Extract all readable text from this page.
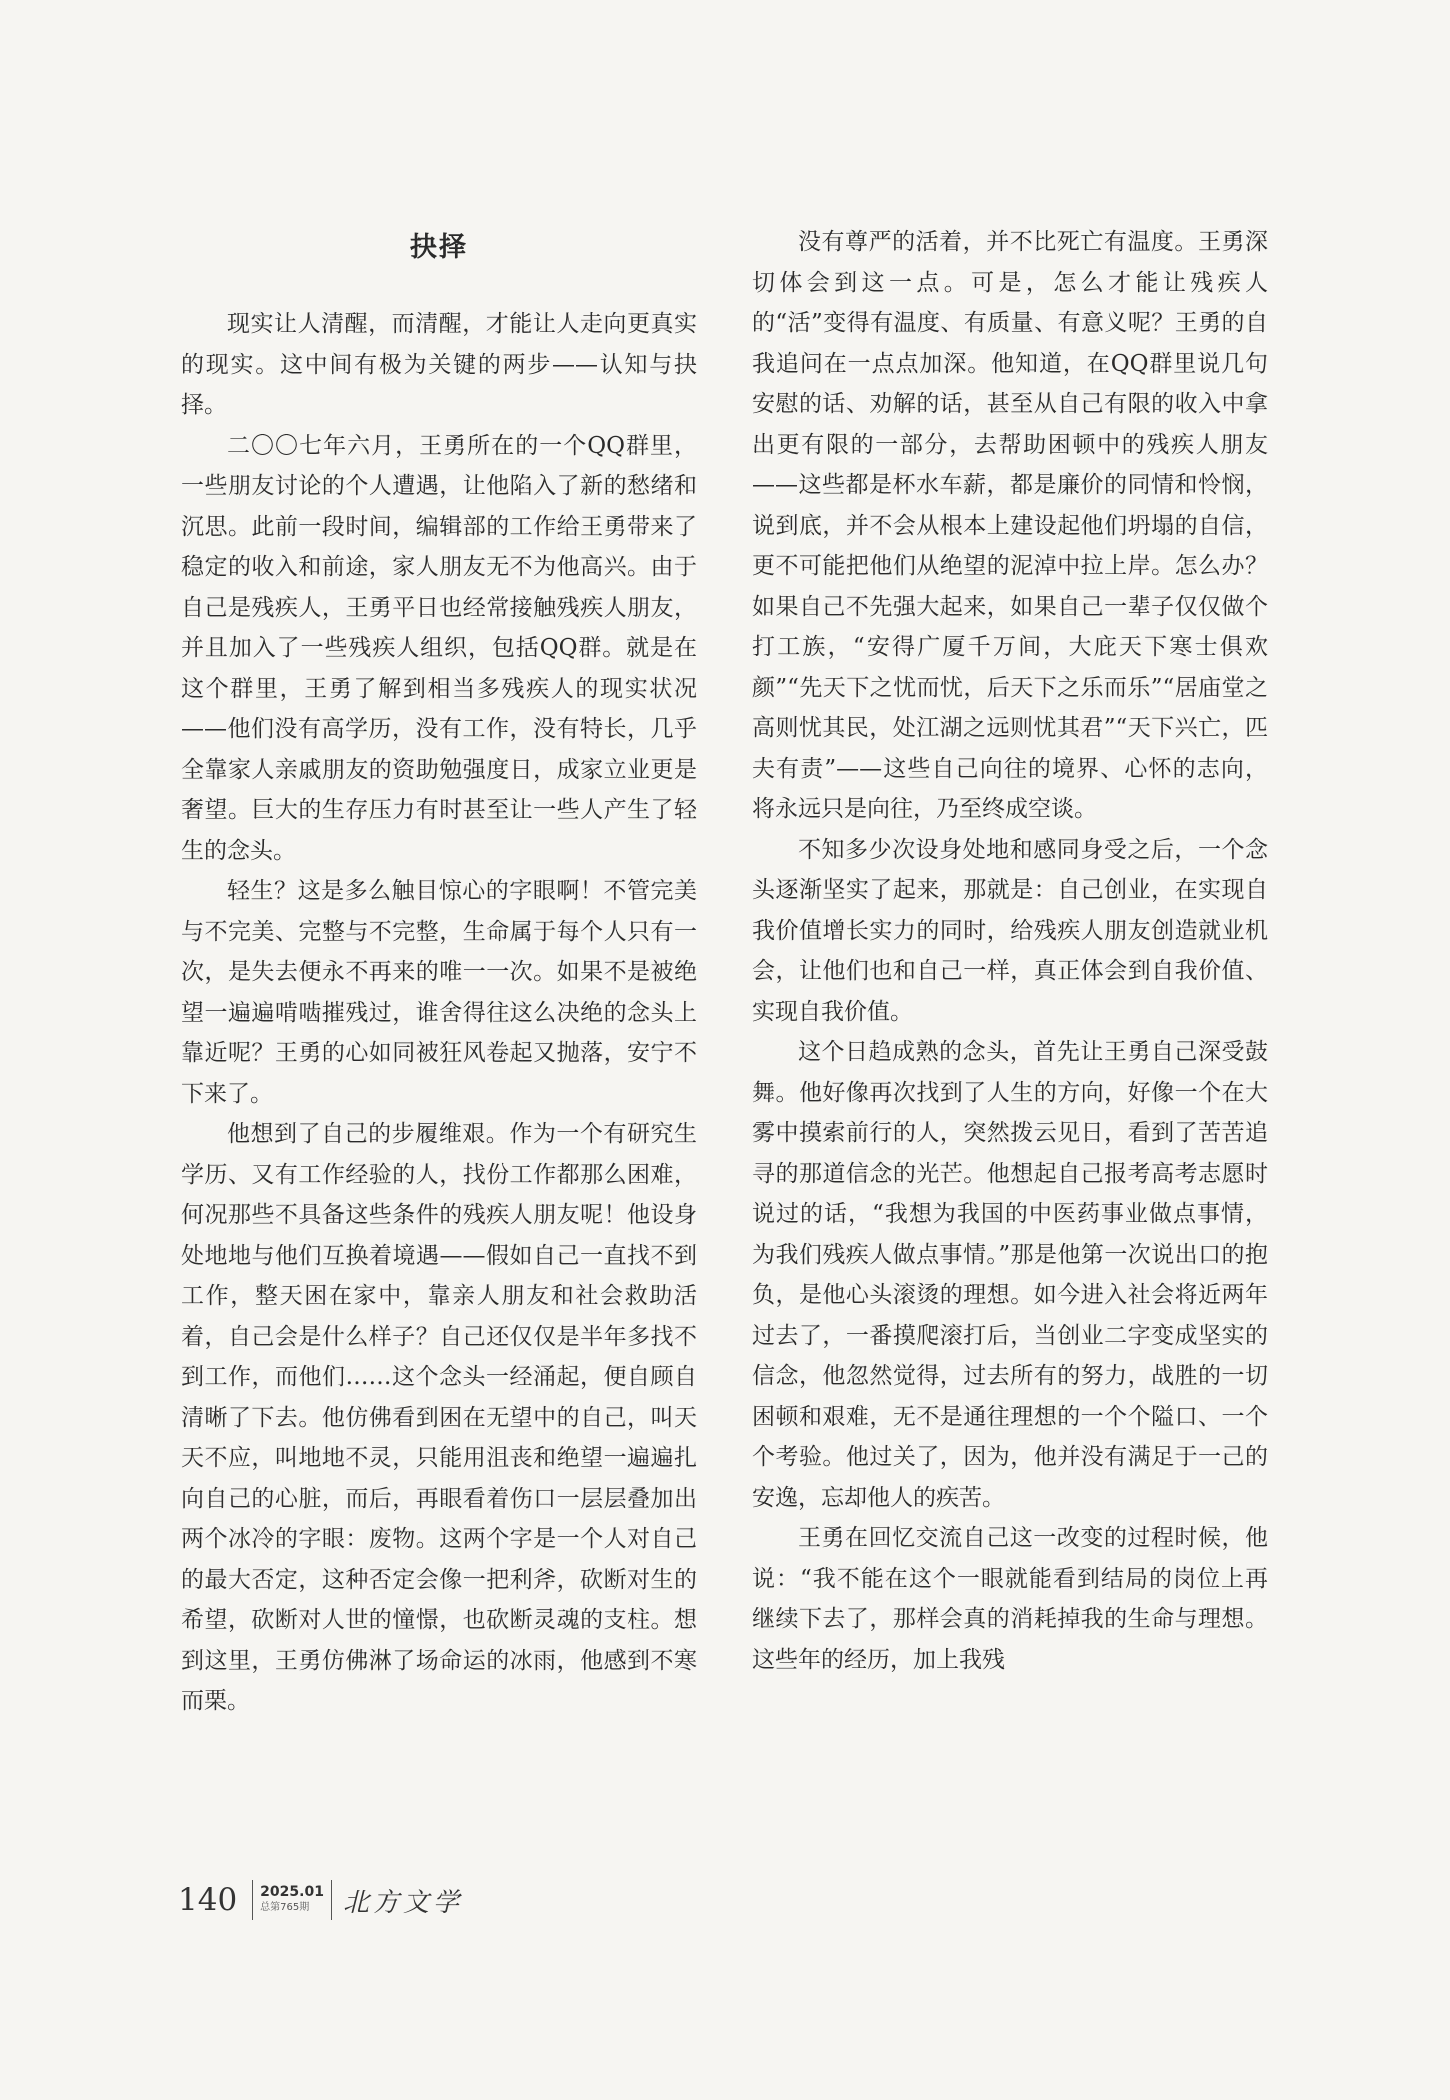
抉择

现实让人清醒，而清醒，才能让人走向更真实的现实。这中间有极为关键的两步——认知与抉择。

二〇〇七年六月，王勇所在的一个QQ群里，一些朋友讨论的个人遭遇，让他陷入了新的愁绪和沉思。此前一段时间，编辑部的工作给王勇带来了稳定的收入和前途，家人朋友无不为他高兴。由于自己是残疾人，王勇平日也经常接触残疾人朋友，并且加入了一些残疾人组织，包括QQ群。就是在这个群里，王勇了解到相当多残疾人的现实状况——他们没有高学历，没有工作，没有特长，几乎全靠家人亲戚朋友的资助勉强度日，成家立业更是奢望。巨大的生存压力有时甚至让一些人产生了轻生的念头。

轻生？这是多么触目惊心的字眼啊！不管完美与不完美、完整与不完整，生命属于每个人只有一次，是失去便永不再来的唯一一次。如果不是被绝望一遍遍啃啮摧残过，谁舍得往这么决绝的念头上靠近呢？王勇的心如同被狂风卷起又抛落，安宁不下来了。

他想到了自己的步履维艰。作为一个有研究生学历、又有工作经验的人，找份工作都那么困难，何况那些不具备这些条件的残疾人朋友呢！他设身处地地与他们互换着境遇——假如自己一直找不到工作，整天困在家中，靠亲人朋友和社会救助活着，自己会是什么样子？自己还仅仅是半年多找不到工作，而他们……这个念头一经涌起，便自顾自清晰了下去。他仿佛看到困在无望中的自己，叫天天不应，叫地地不灵，只能用沮丧和绝望一遍遍扎向自己的心脏，而后，再眼看着伤口一层层叠加出两个冰冷的字眼：废物。这两个字是一个人对自己的最大否定，这种否定会像一把利斧，砍断对生的希望，砍断对人世的憧憬，也砍断灵魂的支柱。想到这里，王勇仿佛淋了场命运的冰雨，他感到不寒而栗。

没有尊严的活着，并不比死亡有温度。王勇深切体会到这一点。可是，怎么才能让残疾人的“活”变得有温度、有质量、有意义呢？王勇的自我追问在一点点加深。他知道，在QQ群里说几句安慰的话、劝解的话，甚至从自己有限的收入中拿出更有限的一部分，去帮助困顿中的残疾人朋友——这些都是杯水车薪，都是廉价的同情和怜悯，说到底，并不会从根本上建设起他们坍塌的自信，更不可能把他们从绝望的泥淖中拉上岸。怎么办？如果自己不先强大起来，如果自己一辈子仅仅做个打工族，“安得广厦千万间，大庇天下寒士俱欢颜”“先天下之忧而忧，后天下之乐而乐”“居庙堂之高则忧其民，处江湖之远则忧其君”“天下兴亡，匹夫有责”——这些自己向往的境界、心怀的志向，将永远只是向往，乃至终成空谈。

不知多少次设身处地和感同身受之后，一个念头逐渐坚实了起来，那就是：自己创业，在实现自我价值增长实力的同时，给残疾人朋友创造就业机会，让他们也和自己一样，真正体会到自我价值、实现自我价值。

这个日趋成熟的念头，首先让王勇自己深受鼓舞。他好像再次找到了人生的方向，好像一个在大雾中摸索前行的人，突然拨云见日，看到了苦苦追寻的那道信念的光芒。他想起自己报考高考志愿时说过的话，“我想为我国的中医药事业做点事情，为我们残疾人做点事情。”那是他第一次说出口的抱负，是他心头滚烫的理想。如今进入社会将近两年过去了，一番摸爬滚打后，当创业二字变成坚实的信念，他忽然觉得，过去所有的努力，战胜的一切困顿和艰难，无不是通往理想的一个个隘口、一个个考验。他过关了，因为，他并没有满足于一己的安逸，忘却他人的疾苦。

王勇在回忆交流自己这一改变的过程时候，他说：“我不能在这个一眼就能看到结局的岗位上再继续下去了，那样会真的消耗掉我的生命与理想。这些年的经历，加上我残

140 2025.01
总第765期	北方文学
